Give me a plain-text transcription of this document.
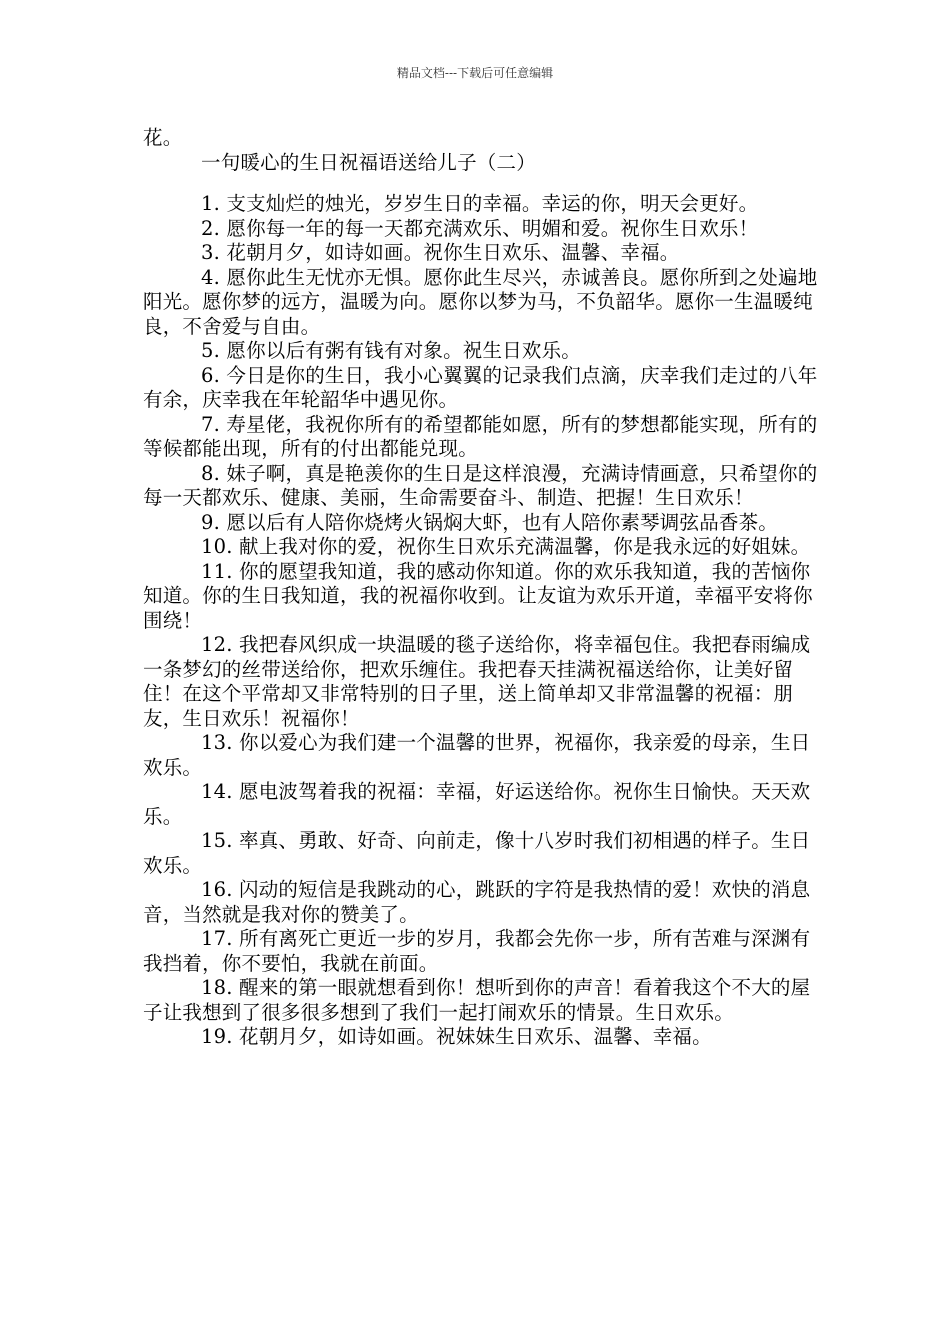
精品文档---下载后可任意编辑

花。

一句暖心的生日祝福语送给儿子（二）

1. 支支灿烂的烛光，岁岁生日的幸福。幸运的你，明天会更好。

2. 愿你每一年的每一天都充满欢乐、明媚和爱。祝你生日欢乐！

3. 花朝月夕，如诗如画。祝你生日欢乐、温馨、幸福。

4. 愿你此生无忧亦无惧。愿你此生尽兴，赤诚善良。愿你所到之处遍地阳光。愿你梦的远方，温暖为向。愿你以梦为马，不负韶华。愿你一生温暖纯良，不舍爱与自由。

5. 愿你以后有粥有钱有对象。祝生日欢乐。

6. 今日是你的生日，我小心翼翼的记录我们点滴，庆幸我们走过的八年有余，庆幸我在年轮韶华中遇见你。

7. 寿星佬，我祝你所有的希望都能如愿，所有的梦想都能实现，所有的等候都能出现，所有的付出都能兑现。

8. 妹子啊，真是艳羡你的生日是这样浪漫，充满诗情画意，只希望你的每一天都欢乐、健康、美丽，生命需要奋斗、制造、把握！生日欢乐！

9. 愿以后有人陪你烧烤火锅焖大虾，也有人陪你素琴调弦品香茶。

10. 献上我对你的爱，祝你生日欢乐充满温馨，你是我永远的好姐妹。

11. 你的愿望我知道，我的感动你知道。你的欢乐我知道，我的苦恼你知道。你的生日我知道，我的祝福你收到。让友谊为欢乐开道，幸福平安将你围绕！

12. 我把春风织成一块温暖的毯子送给你，将幸福包住。我把春雨编成一条梦幻的丝带送给你，把欢乐缠住。我把春天挂满祝福送给你，让美好留住！在这个平常却又非常特别的日子里，送上简单却又非常温馨的祝福：朋友，生日欢乐！祝福你！

13. 你以爱心为我们建一个温馨的世界，祝福你，我亲爱的母亲，生日欢乐。

14. 愿电波驾着我的祝福：幸福，好运送给你。祝你生日愉快。天天欢乐。

15. 率真、勇敢、好奇、向前走，像十八岁时我们初相遇的样子。生日欢乐。

16. 闪动的短信是我跳动的心，跳跃的字符是我热情的爱！欢快的消息音，当然就是我对你的赞美了。

17. 所有离死亡更近一步的岁月，我都会先你一步，所有苦难与深渊有我挡着，你不要怕，我就在前面。

18. 醒来的第一眼就想看到你！想听到你的声音！看着我这个不大的屋子让我想到了很多很多想到了我们一起打闹欢乐的情景。生日欢乐。

19. 花朝月夕，如诗如画。祝妹妹生日欢乐、温馨、幸福。
